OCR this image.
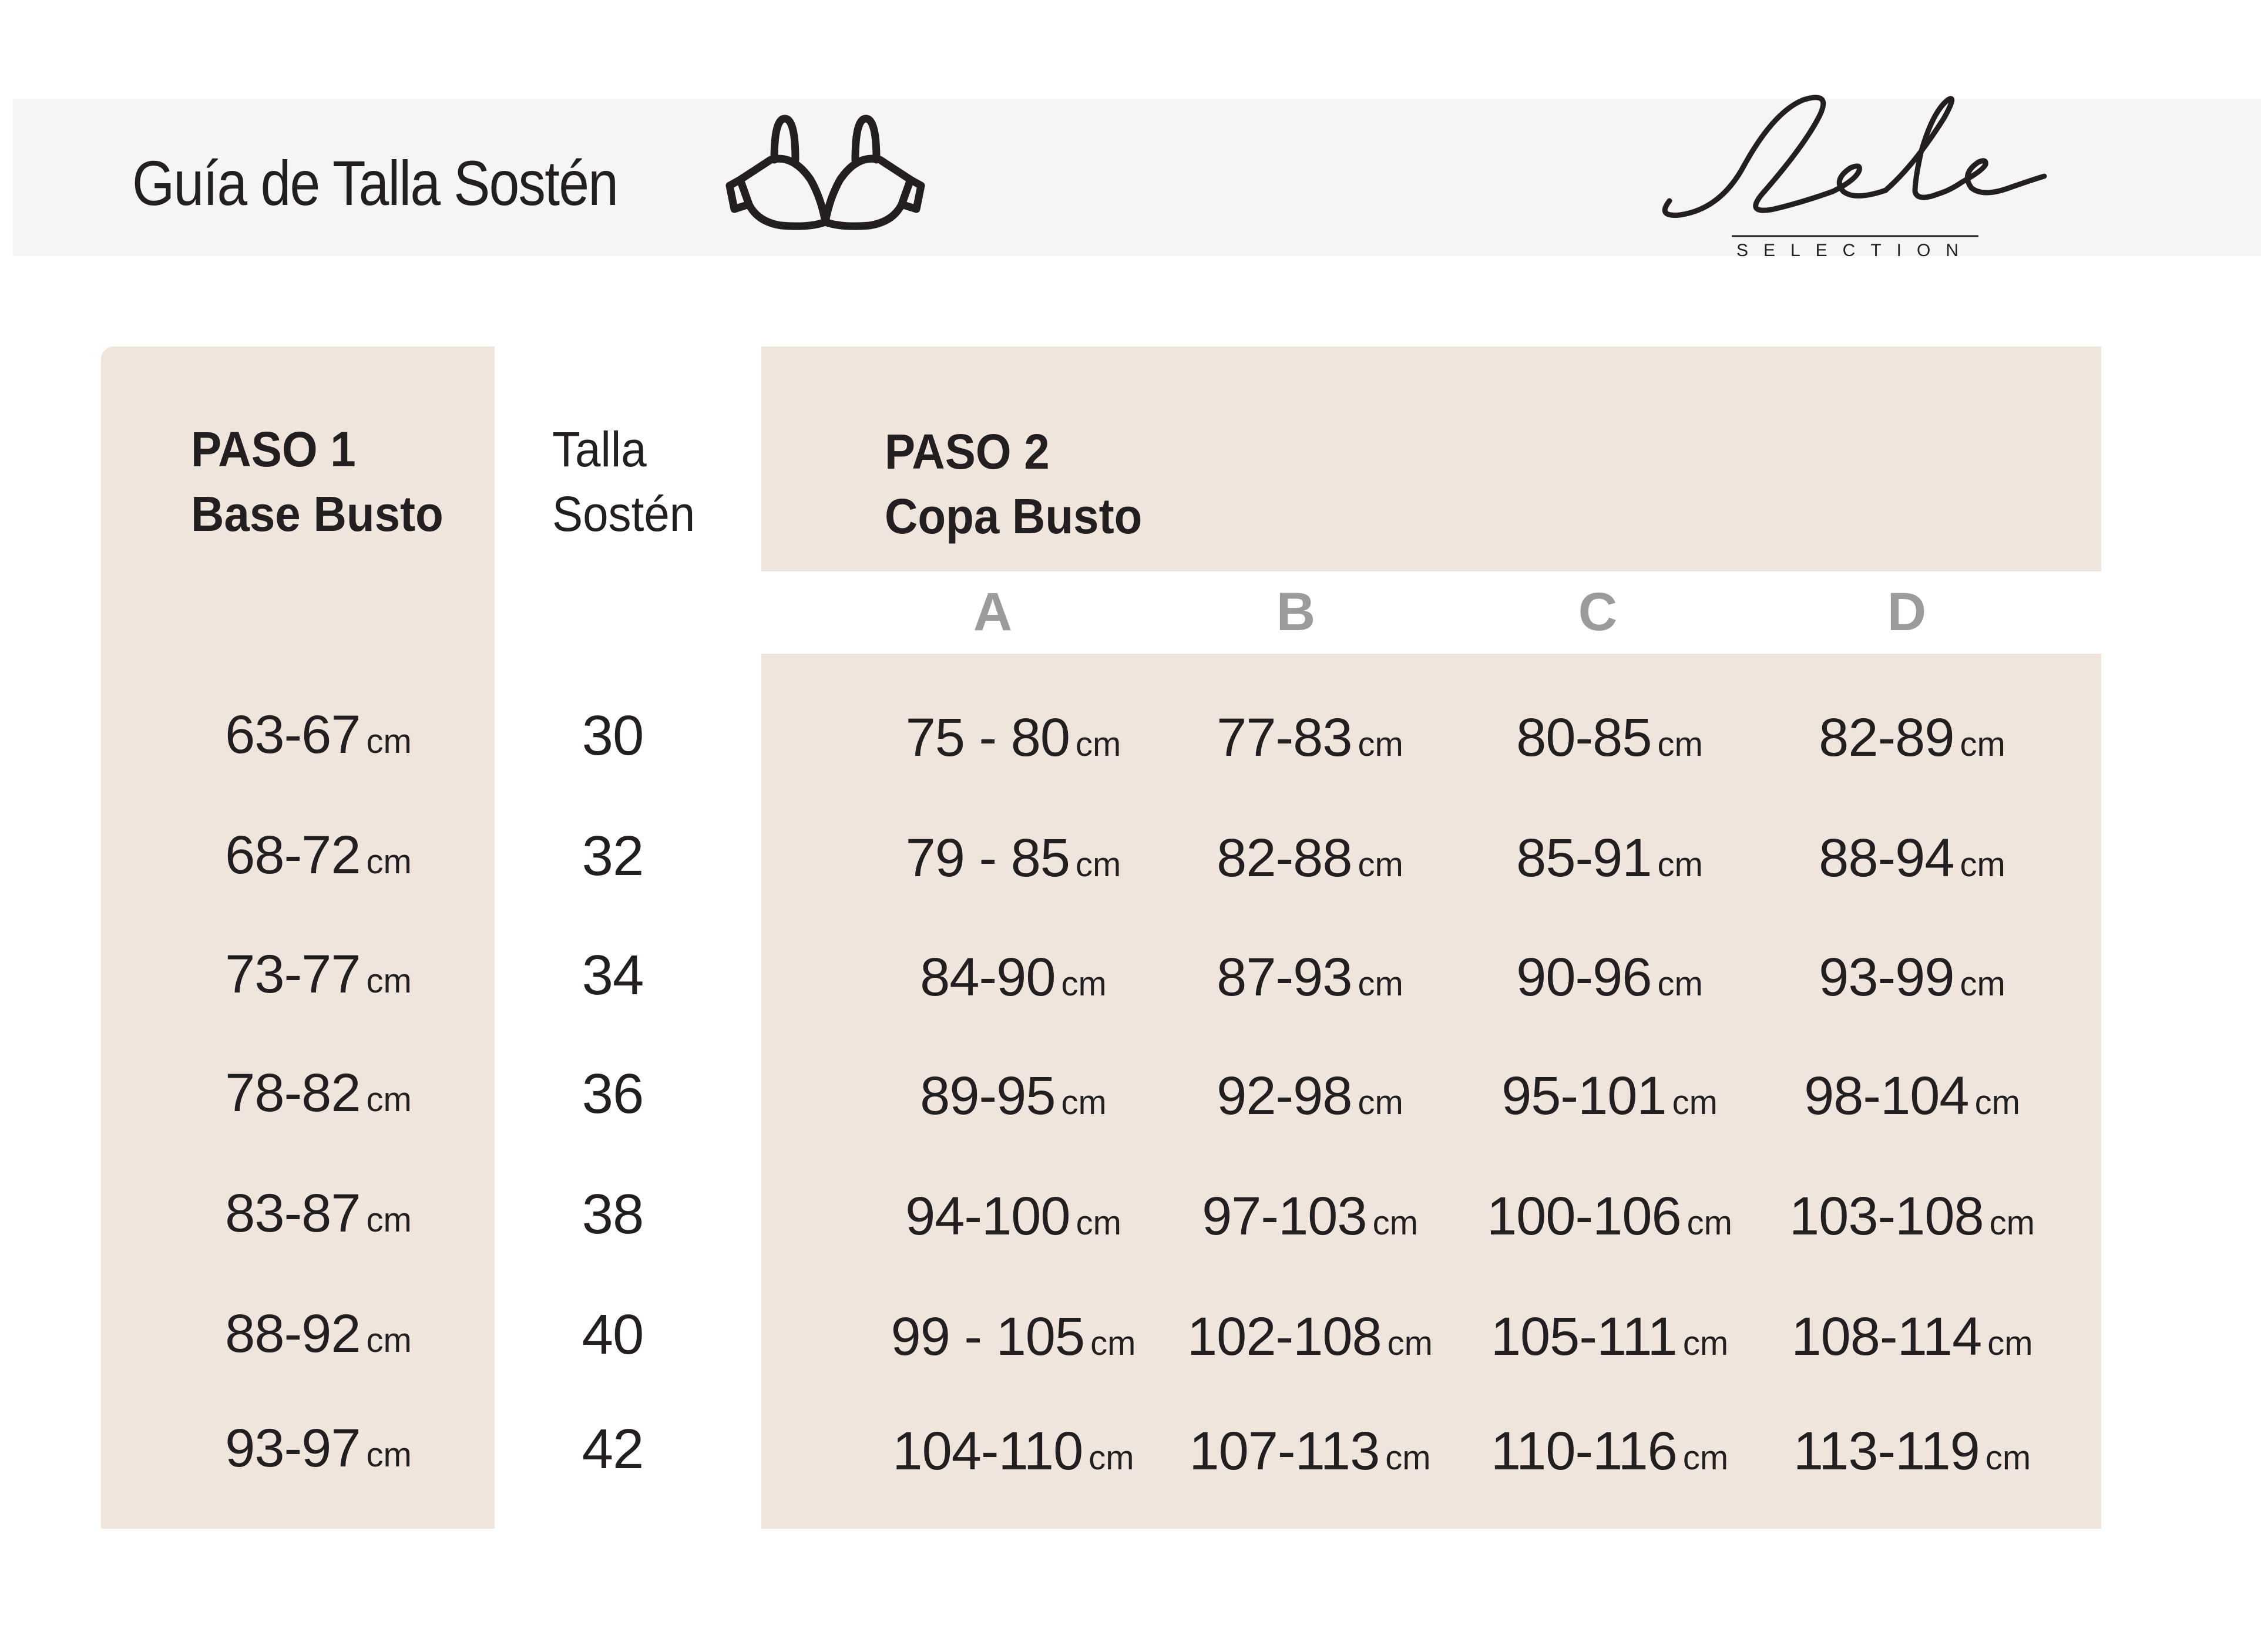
Guía de Talla Sostén
Lele
SELECTION
PASO 1
Base Busto
Talla
Sostén
PASO 2
Copa Busto
A	B	C	D
63-67 cm	30	75 - 80 cm 77-83 cm 80-85 cm 82-89 cm
68-72 cm	32	79 - 85 cm 82-88 cm 85-91 cm 88-94 cm
73-77 cm	34	84-90 cm 87-93 cm 90-96 cm 93-99 cm
78-82 cm	36	89-95 cm 92-98 cm 95-101 cm 98-104 cm
83-87 cm	38	94-100 cm 97-103 cm 100-106 cm 103-108 cm
88-92 cm	40	99 - 105 cm 102-108 cm 105-111 cm 108-114 cm
93-97 cm	42	104-110 cm 107-113 cm 110-116 cm 113-119 cm
